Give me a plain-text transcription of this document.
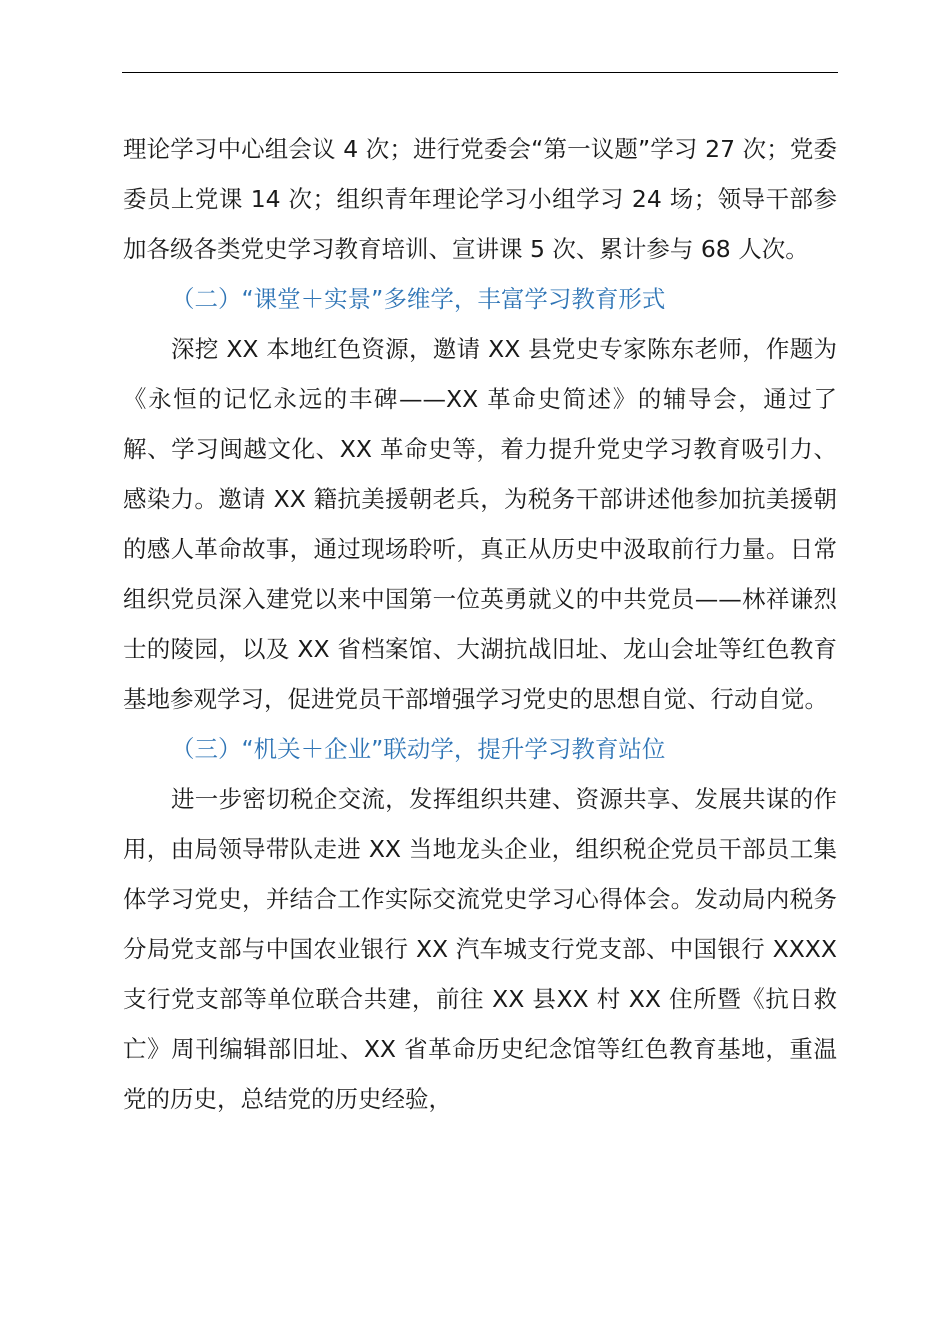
理论学习中心组会议 4 次；进行党委会“第一议题”学习 27 次；党委委员上党课 14 次；组织青年理论学习小组学习 24 场；领导干部参加各级各类党史学习教育培训、宣讲课 5 次、累计参与 68 人次。

（二）“课堂＋实景”多维学，丰富学习教育形式

深挖 XX 本地红色资源，邀请 XX 县党史专家陈东老师，作题为《永恒的记忆永远的丰碑——XX 革命史简述》的辅导会，通过了解、学习闽越文化、XX 革命史等，着力提升党史学习教育吸引力、感染力。邀请 XX 籍抗美援朝老兵，为税务干部讲述他参加抗美援朝的感人革命故事，通过现场聆听，真正从历史中汲取前行力量。日常组织党员深入建党以来中国第一位英勇就义的中共党员——林祥谦烈士的陵园，以及 XX 省档案馆、大湖抗战旧址、龙山会址等红色教育基地参观学习，促进党员干部增强学习党史的思想自觉、行动自觉。

（三）“机关＋企业”联动学，提升学习教育站位

进一步密切税企交流，发挥组织共建、资源共享、发展共谋的作用，由局领导带队走进 XX 当地龙头企业，组织税企党员干部员工集体学习党史，并结合工作实际交流党史学习心得体会。发动局内税务分局党支部与中国农业银行 XX 汽车城支行党支部、中国银行 XXXX 支行党支部等单位联合共建，前往 XX 县XX 村 XX 住所暨《抗日救亡》周刊编辑部旧址、XX 省革命历史纪念馆等红色教育基地，重温党的历史，总结党的历史经验，
